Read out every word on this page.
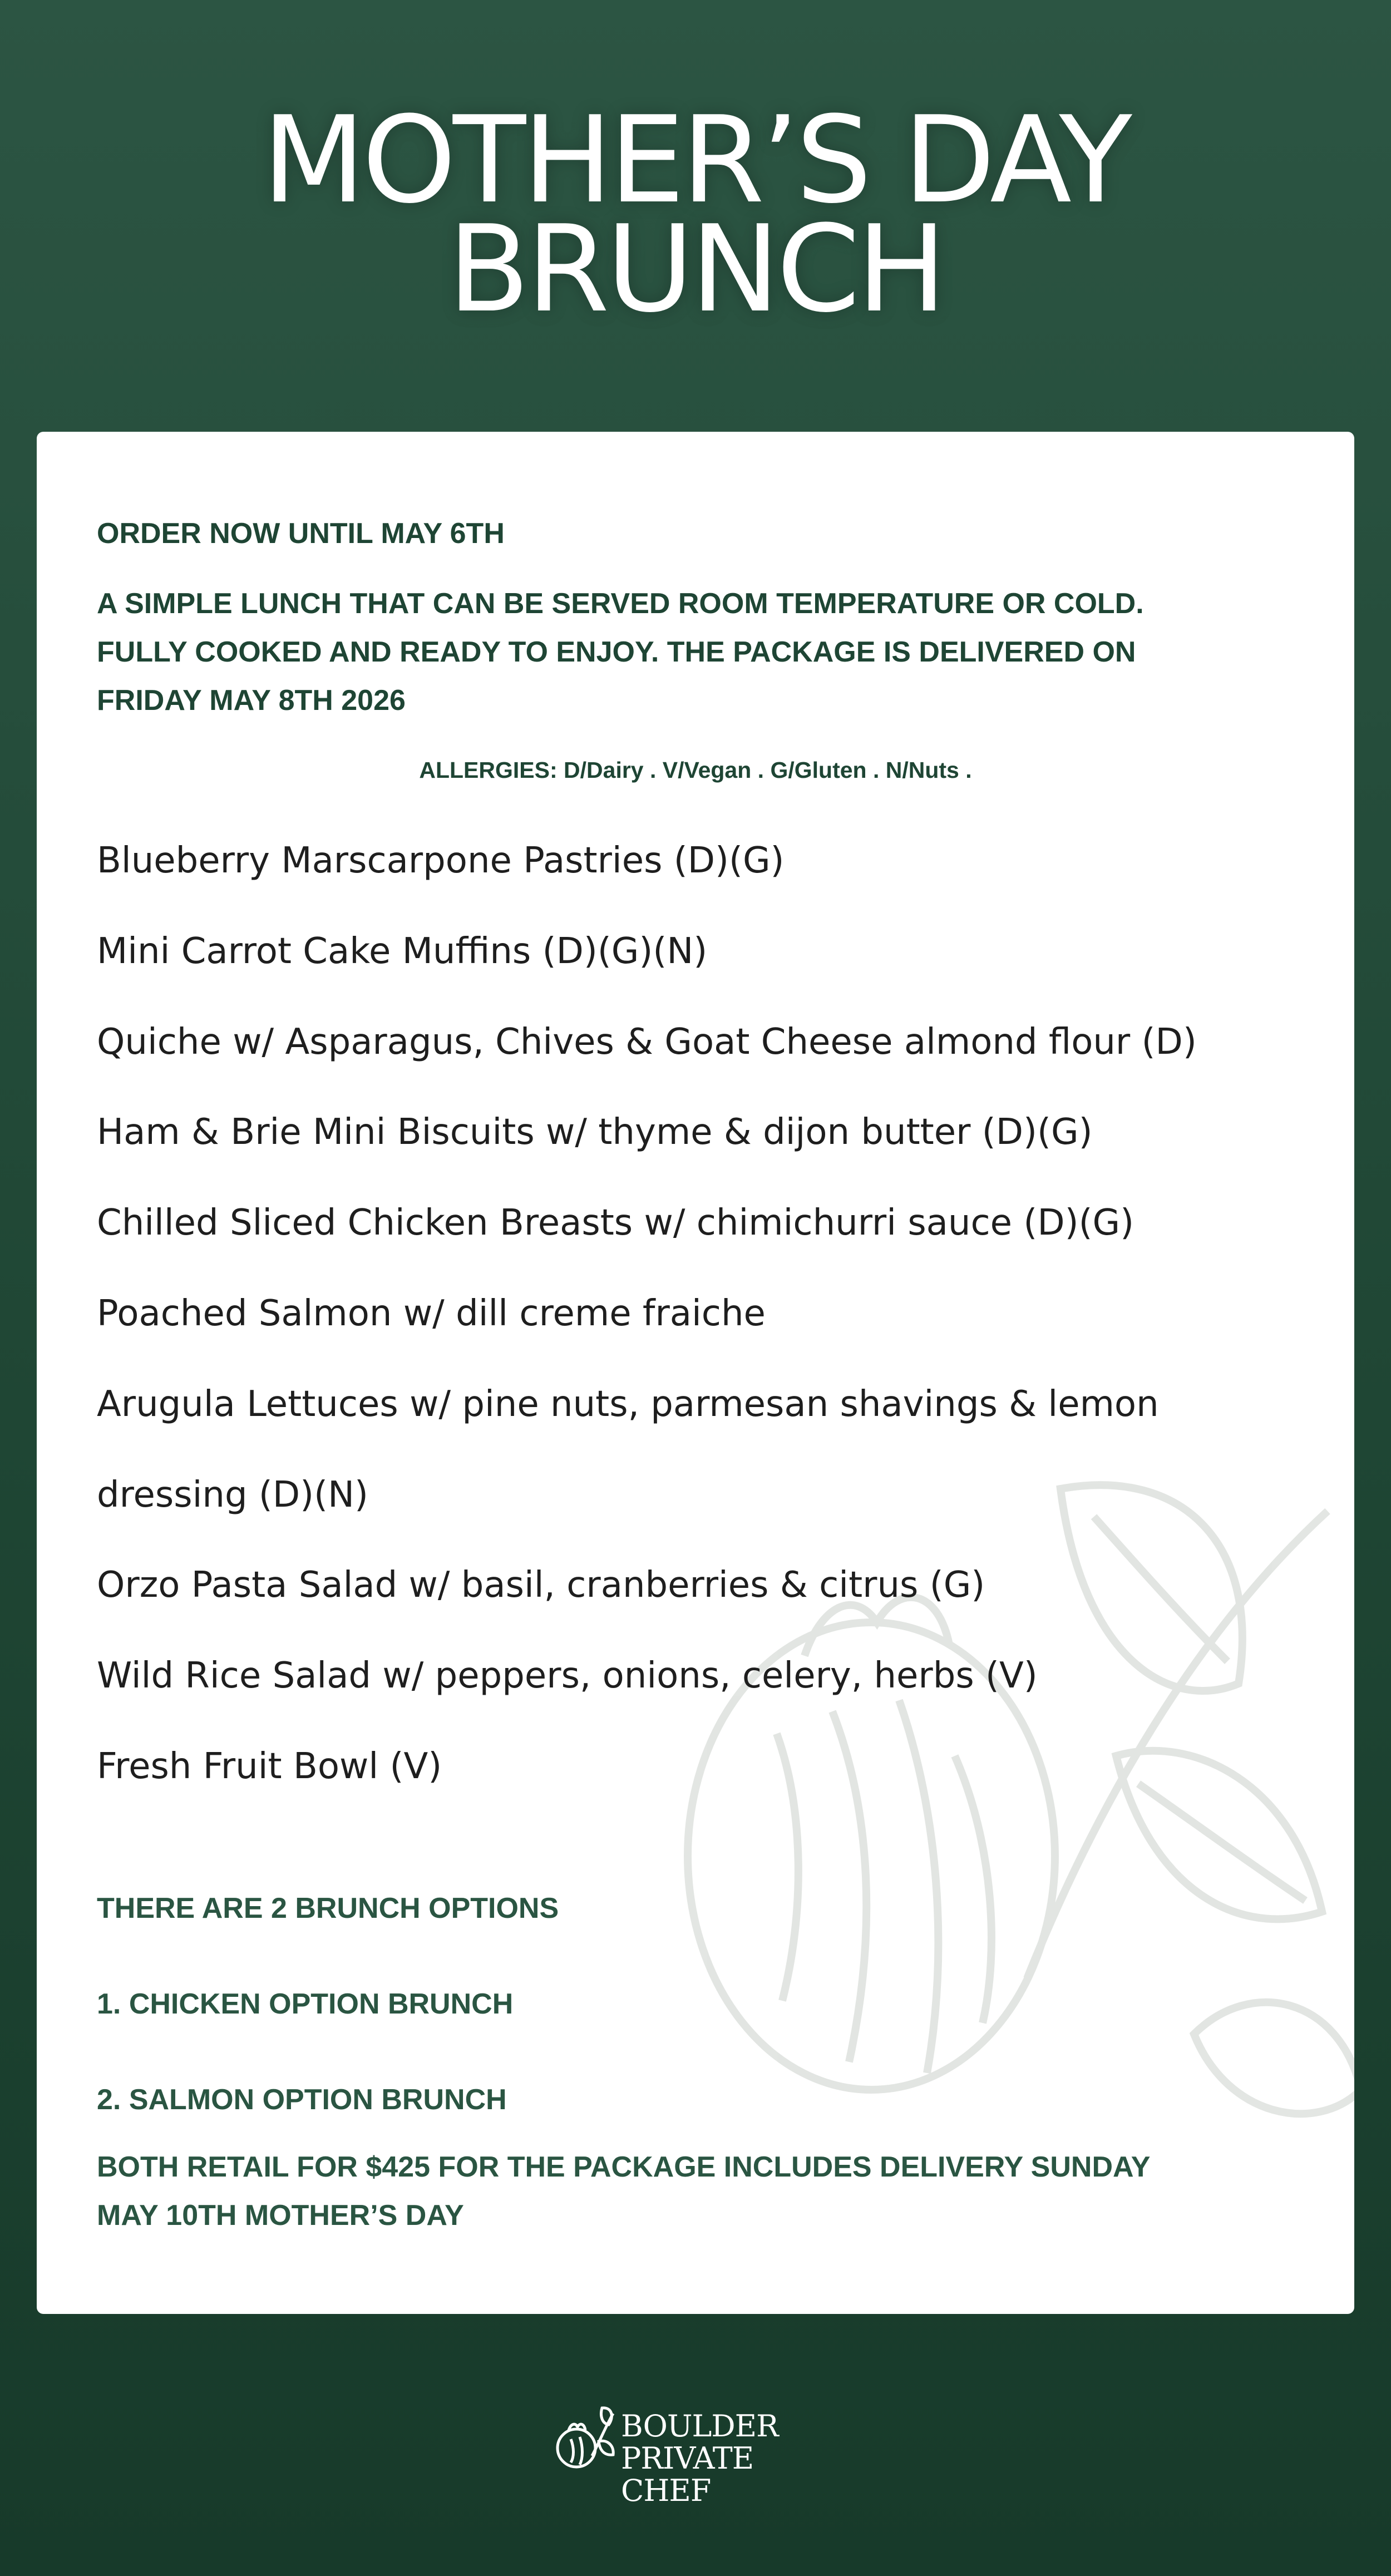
MOTHER’S DAY
BRUNCH
ORDER NOW UNTIL MAY 6TH
A SIMPLE LUNCH THAT CAN BE SERVED ROOM TEMPERATURE OR COLD.
FULLY COOKED AND READY TO ENJOY. THE PACKAGE IS DELIVERED ON
FRIDAY MAY 8TH 2026
ALLERGIES: D/Dairy . V/Vegan . G/Gluten . N/Nuts .
Blueberry Marscarpone Pastries (D)(G)
Mini Carrot Cake Muffins (D)(G)(N)
Quiche w/ Asparagus, Chives & Goat Cheese almond flour (D)
Ham & Brie Mini Biscuits w/ thyme & dijon butter (D)(G)
Chilled Sliced Chicken Breasts w/ chimichurri sauce (D)(G)
Poached Salmon w/ dill creme fraiche
Arugula Lettuces w/ pine nuts, parmesan shavings & lemon
dressing (D)(N)
Orzo Pasta Salad w/ basil, cranberries & citrus (G)
Wild Rice Salad w/ peppers, onions, celery, herbs (V)
Fresh Fruit Bowl (V)
THERE ARE 2 BRUNCH OPTIONS
1. CHICKEN OPTION BRUNCH
2. SALMON OPTION BRUNCH
BOTH RETAIL FOR $425 FOR THE PACKAGE INCLUDES DELIVERY SUNDAY
MAY 10TH MOTHER’S DAY
BOULDER
PRIVATE CHEF
